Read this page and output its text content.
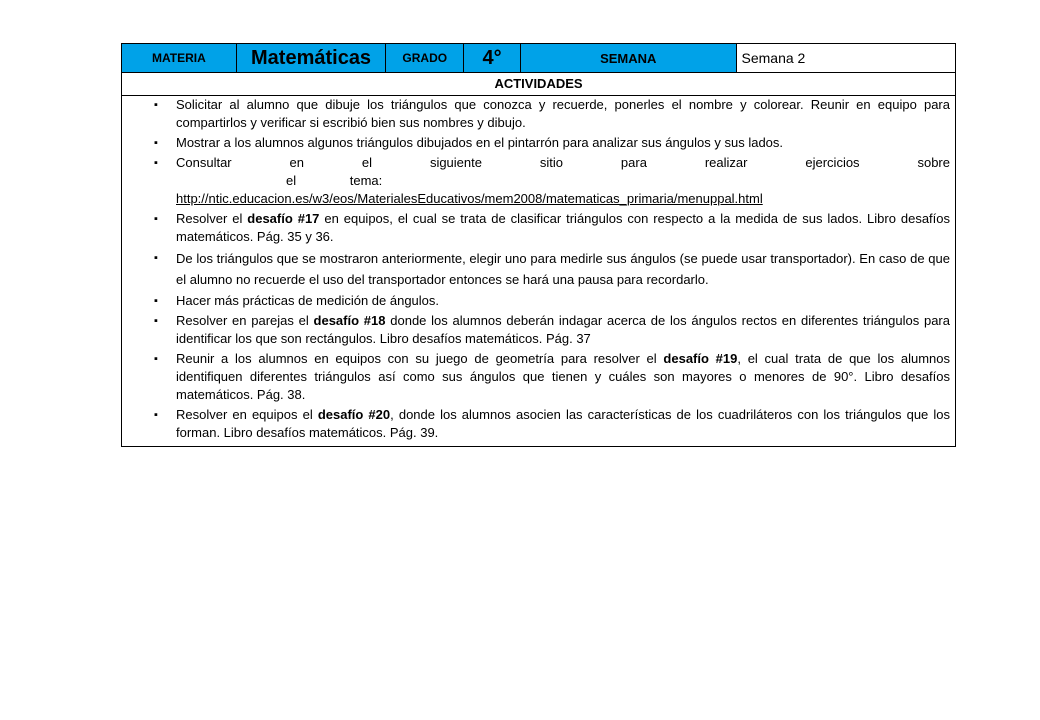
MATERIA	Matemáticas	GRADO	4°	SEMANA	Semana 2
ACTIVIDADES
▪ Solicitar al alumno que dibuje los triángulos que conozca y recuerde, ponerles el nombre y colorear. Reunir en equipo para compartirlos y verificar si escribió bien sus nombres y dibujo.
▪ Mostrar a los alumnos algunos triángulos dibujados en el pintarrón para analizar sus ángulos y sus lados.
▪ Consultar en el siguiente sitio para realizar ejercicios sobre
el tema:
http://ntic.educacion.es/w3/eos/MaterialesEducativos/mem2008/matematicas_primaria/menuppal.html
▪ Resolver el desafío #17 en equipos, el cual se trata de clasificar triángulos con respecto a la medida de sus lados. Libro desafíos matemáticos. Pág. 35 y 36.
▪ De los triángulos que se mostraron anteriormente, elegir uno para medirle sus ángulos (se puede usar transportador). En caso de que el alumno no recuerde el uso del transportador entonces se hará una pausa para recordarlo.
▪ Hacer más prácticas de medición de ángulos.
▪ Resolver en parejas el desafío #18 donde los alumnos deberán indagar acerca de los ángulos rectos en diferentes triángulos para identificar los que son rectángulos. Libro desafíos matemáticos. Pág. 37
▪ Reunir a los alumnos en equipos con su juego de geometría para resolver el desafío #19, el cual trata de que los alumnos identifiquen diferentes triángulos así como sus ángulos que tienen y cuáles son mayores o menores de 90°. Libro desafíos matemáticos. Pág. 38.
▪ Resolver en equipos el desafío #20, donde los alumnos asocien las características de los cuadriláteros con los triángulos que los forman. Libro desafíos matemáticos. Pág. 39.
